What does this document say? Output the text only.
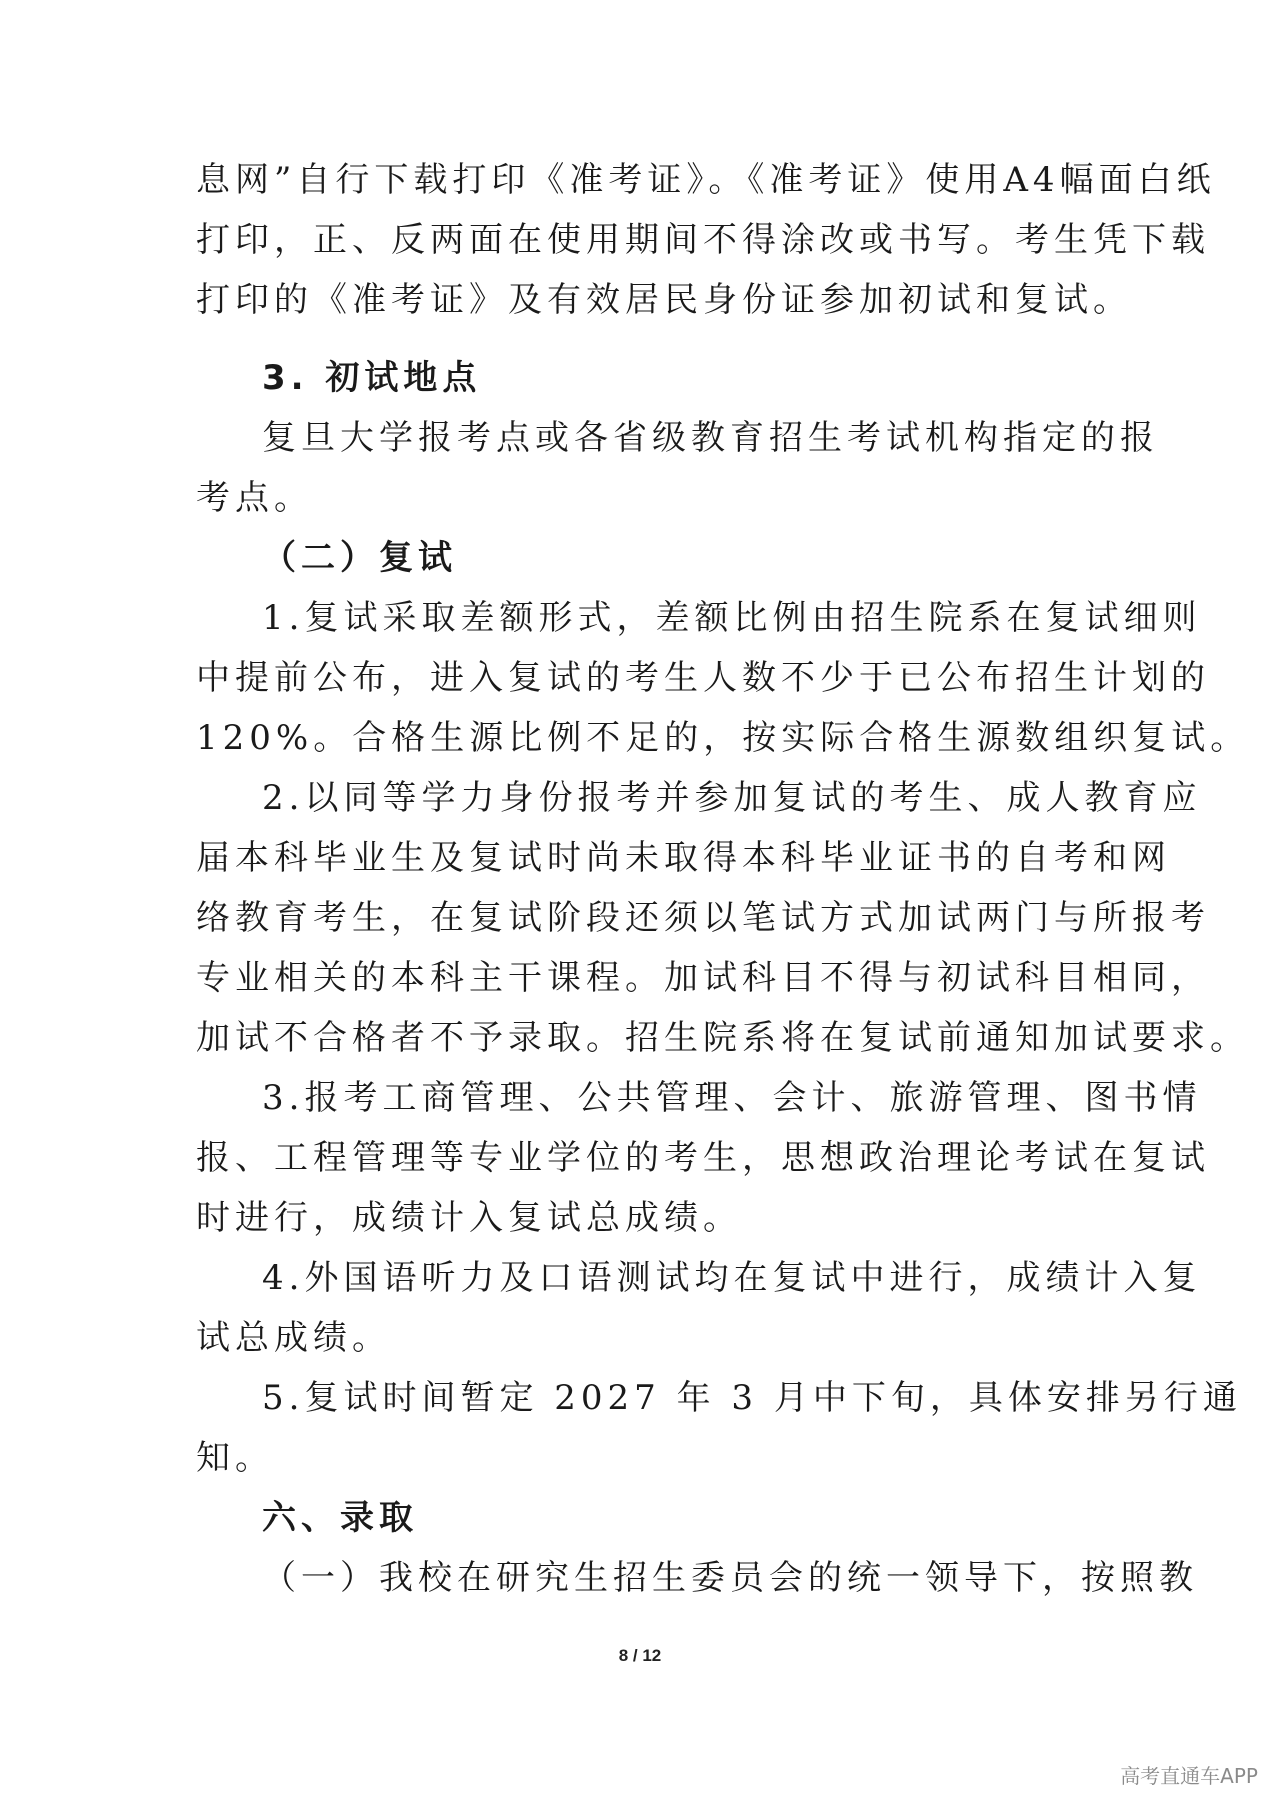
息网”自行下载打印《准考证》。《准考证》使用A4幅面白纸
打印，正、反两面在使用期间不得涂改或书写。考生凭下载
打印的《准考证》及有效居民身份证参加初试和复试。
3. 初试地点
复旦大学报考点或各省级教育招生考试机构指定的报
考点。
（二）复试
1.复试采取差额形式，差额比例由招生院系在复试细则
中提前公布，进入复试的考生人数不少于已公布招生计划的
120%。合格生源比例不足的，按实际合格生源数组织复试。
2.以同等学力身份报考并参加复试的考生、成人教育应
届本科毕业生及复试时尚未取得本科毕业证书的自考和网
络教育考生，在复试阶段还须以笔试方式加试两门与所报考
专业相关的本科主干课程。加试科目不得与初试科目相同，
加试不合格者不予录取。招生院系将在复试前通知加试要求。
3.报考工商管理、公共管理、会计、旅游管理、图书情
报、工程管理等专业学位的考生，思想政治理论考试在复试
时进行，成绩计入复试总成绩。
4.外国语听力及口语测试均在复试中进行，成绩计入复
试总成绩。
5.复试时间暂定 2027 年 3 月中下旬，具体安排另行通
知。
六、录取
（一）我校在研究生招生委员会的统一领导下，按照教
8 / 12
高考直通车APP
